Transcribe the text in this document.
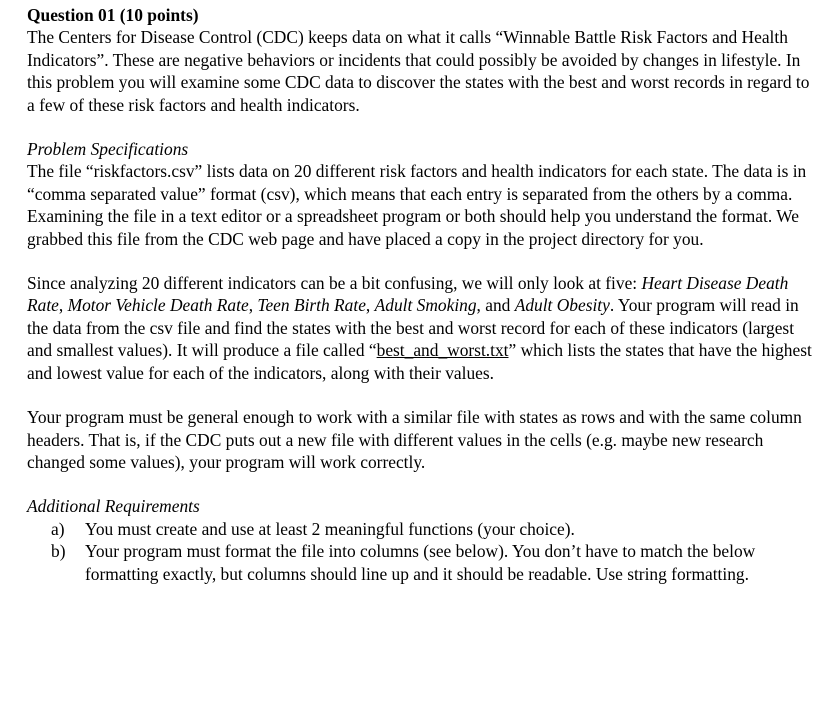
Question 01 (10 points)

The Centers for Disease Control (CDC) keeps data on what it calls “Winnable Battle Risk Factors and Health Indicators”. These are negative behaviors or incidents that could possibly be avoided by changes in lifestyle. In this problem you will examine some CDC data to discover the states with the best and worst records in regard to a few of these risk factors and health indicators.

Problem Specifications

The file “riskfactors.csv” lists data on 20 different risk factors and health indicators for each state. The data is in “comma separated value” format (csv), which means that each entry is separated from the others by a comma. Examining the file in a text editor or a spreadsheet program or both should help you understand the format. We grabbed this file from the CDC web page and have placed a copy in the project directory for you.

Since analyzing 20 different indicators can be a bit confusing, we will only look at five: Heart Disease Death Rate, Motor Vehicle Death Rate, Teen Birth Rate, Adult Smoking, and Adult Obesity. Your program will read in the data from the csv file and find the states with the best and worst record for each of these indicators (largest and smallest values). It will produce a file called “best_and_worst.txt” which lists the states that have the highest and lowest value for each of the indicators, along with their values.

Your program must be general enough to work with a similar file with states as rows and with the same column headers. That is, if the CDC puts out a new file with different values in the cells (e.g. maybe new research changed some values), your program will work correctly.

Additional Requirements

a) You must create and use at least 2 meaningful functions (your choice).
b) Your program must format the file into columns (see below). You don’t have to match the below formatting exactly, but columns should line up and it should be readable. Use string formatting.
